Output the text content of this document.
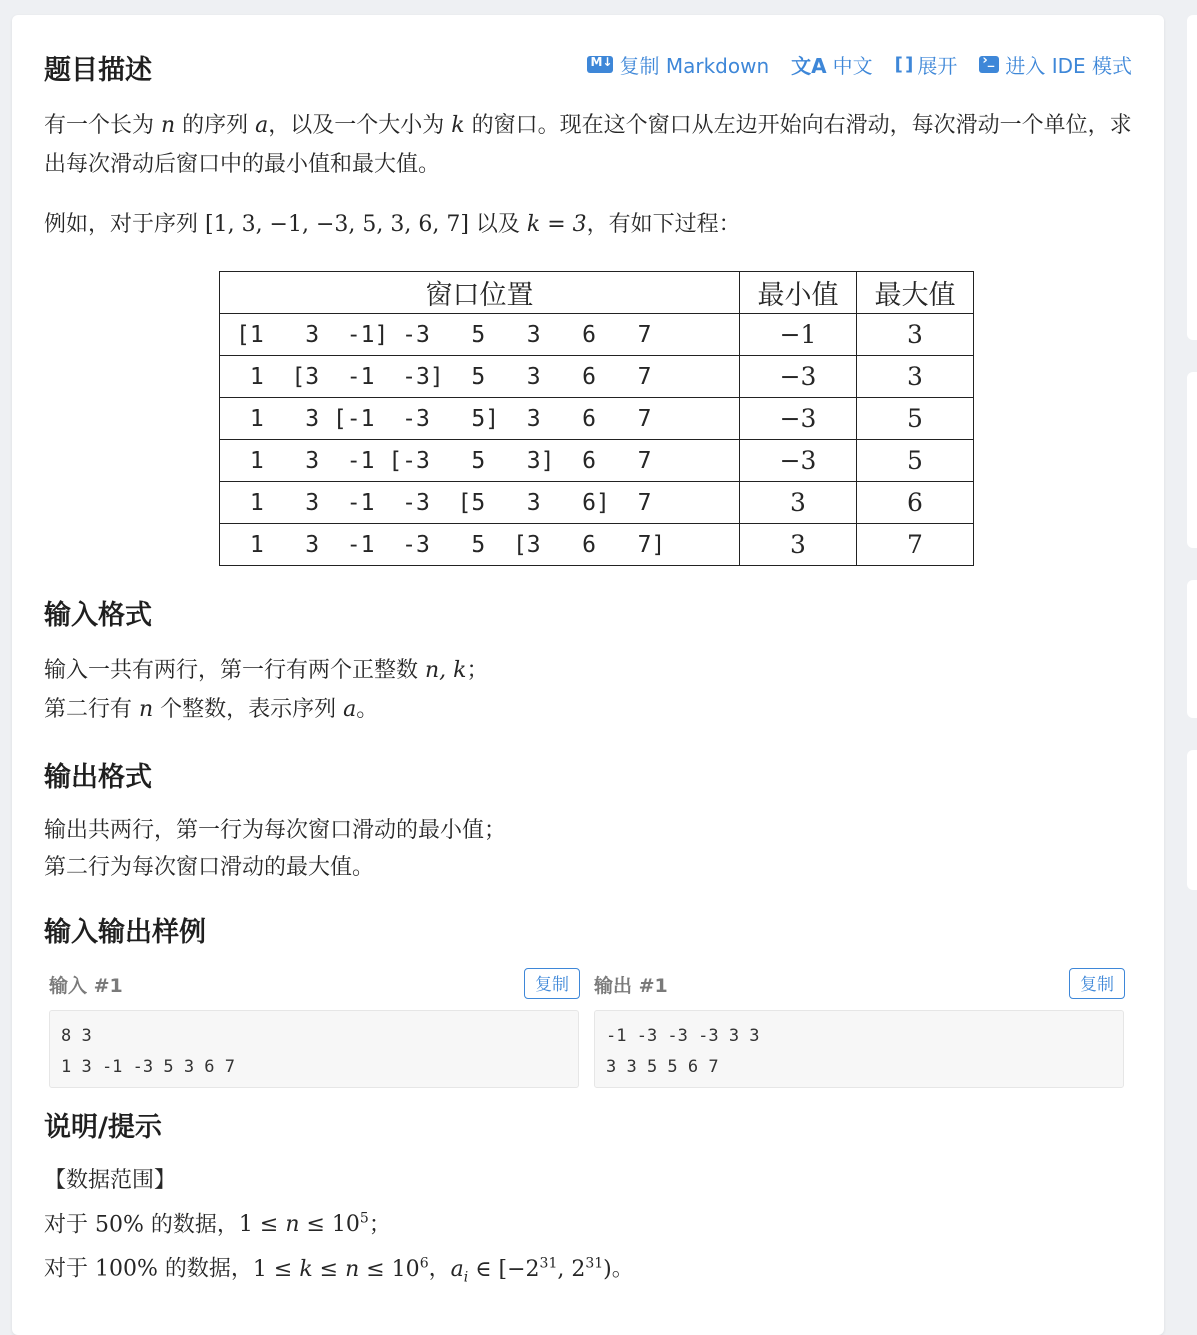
题目描述 M↓	复制 Markdown 文A 中文 [ ] 展开 ›_ 进入 IDE 模式

有一个长为 n 的序列 a，以及一个大小为 k 的窗口。现在这个窗口从左边开始向右滑动，每次滑动一个单位，求出每次滑动后窗口中的最小值和最大值。

例如，对于序列 [1, 3, −1, −3, 5, 3, 6, 7] 以及 k = 3，有如下过程：

窗口位置	最小值	最大值
[1   3  -1] -3   5   3   6   7	−1	3
1  [3  -1  -3]  5   3   6   7	−3	3
1   3 [-1  -3   5]  3   6   7	−3	5
1   3  -1 [-3   5   3]  6   7	−3	5
1   3  -1  -3  [5   3   6]  7	3	6
1   3  -1  -3   5  [3   6   7]	3	7
输入格式

输入一共有两行，第一行有两个正整数 n, k；
第二行有 n 个整数，表示序列 a。

输出格式

输出共两行，第一行为每次窗口滑动的最小值；
第二行为每次窗口滑动的最大值。

输入输出样例
输入 #1	复制
8 3
1 3 -1 -3 5 3 6 7
输出 #1	复制
-1 -3 -3 -3 3 3
3 3 5 5 6 7
说明/提示

【数据范围】
对于 50% 的数据，$1 \le n \le 10^5$；
对于 100% 的数据，$1 \le k \le n \le 10^6$，$a_i$ ∈ [$-2^{31}$, $2^{31}$)。
